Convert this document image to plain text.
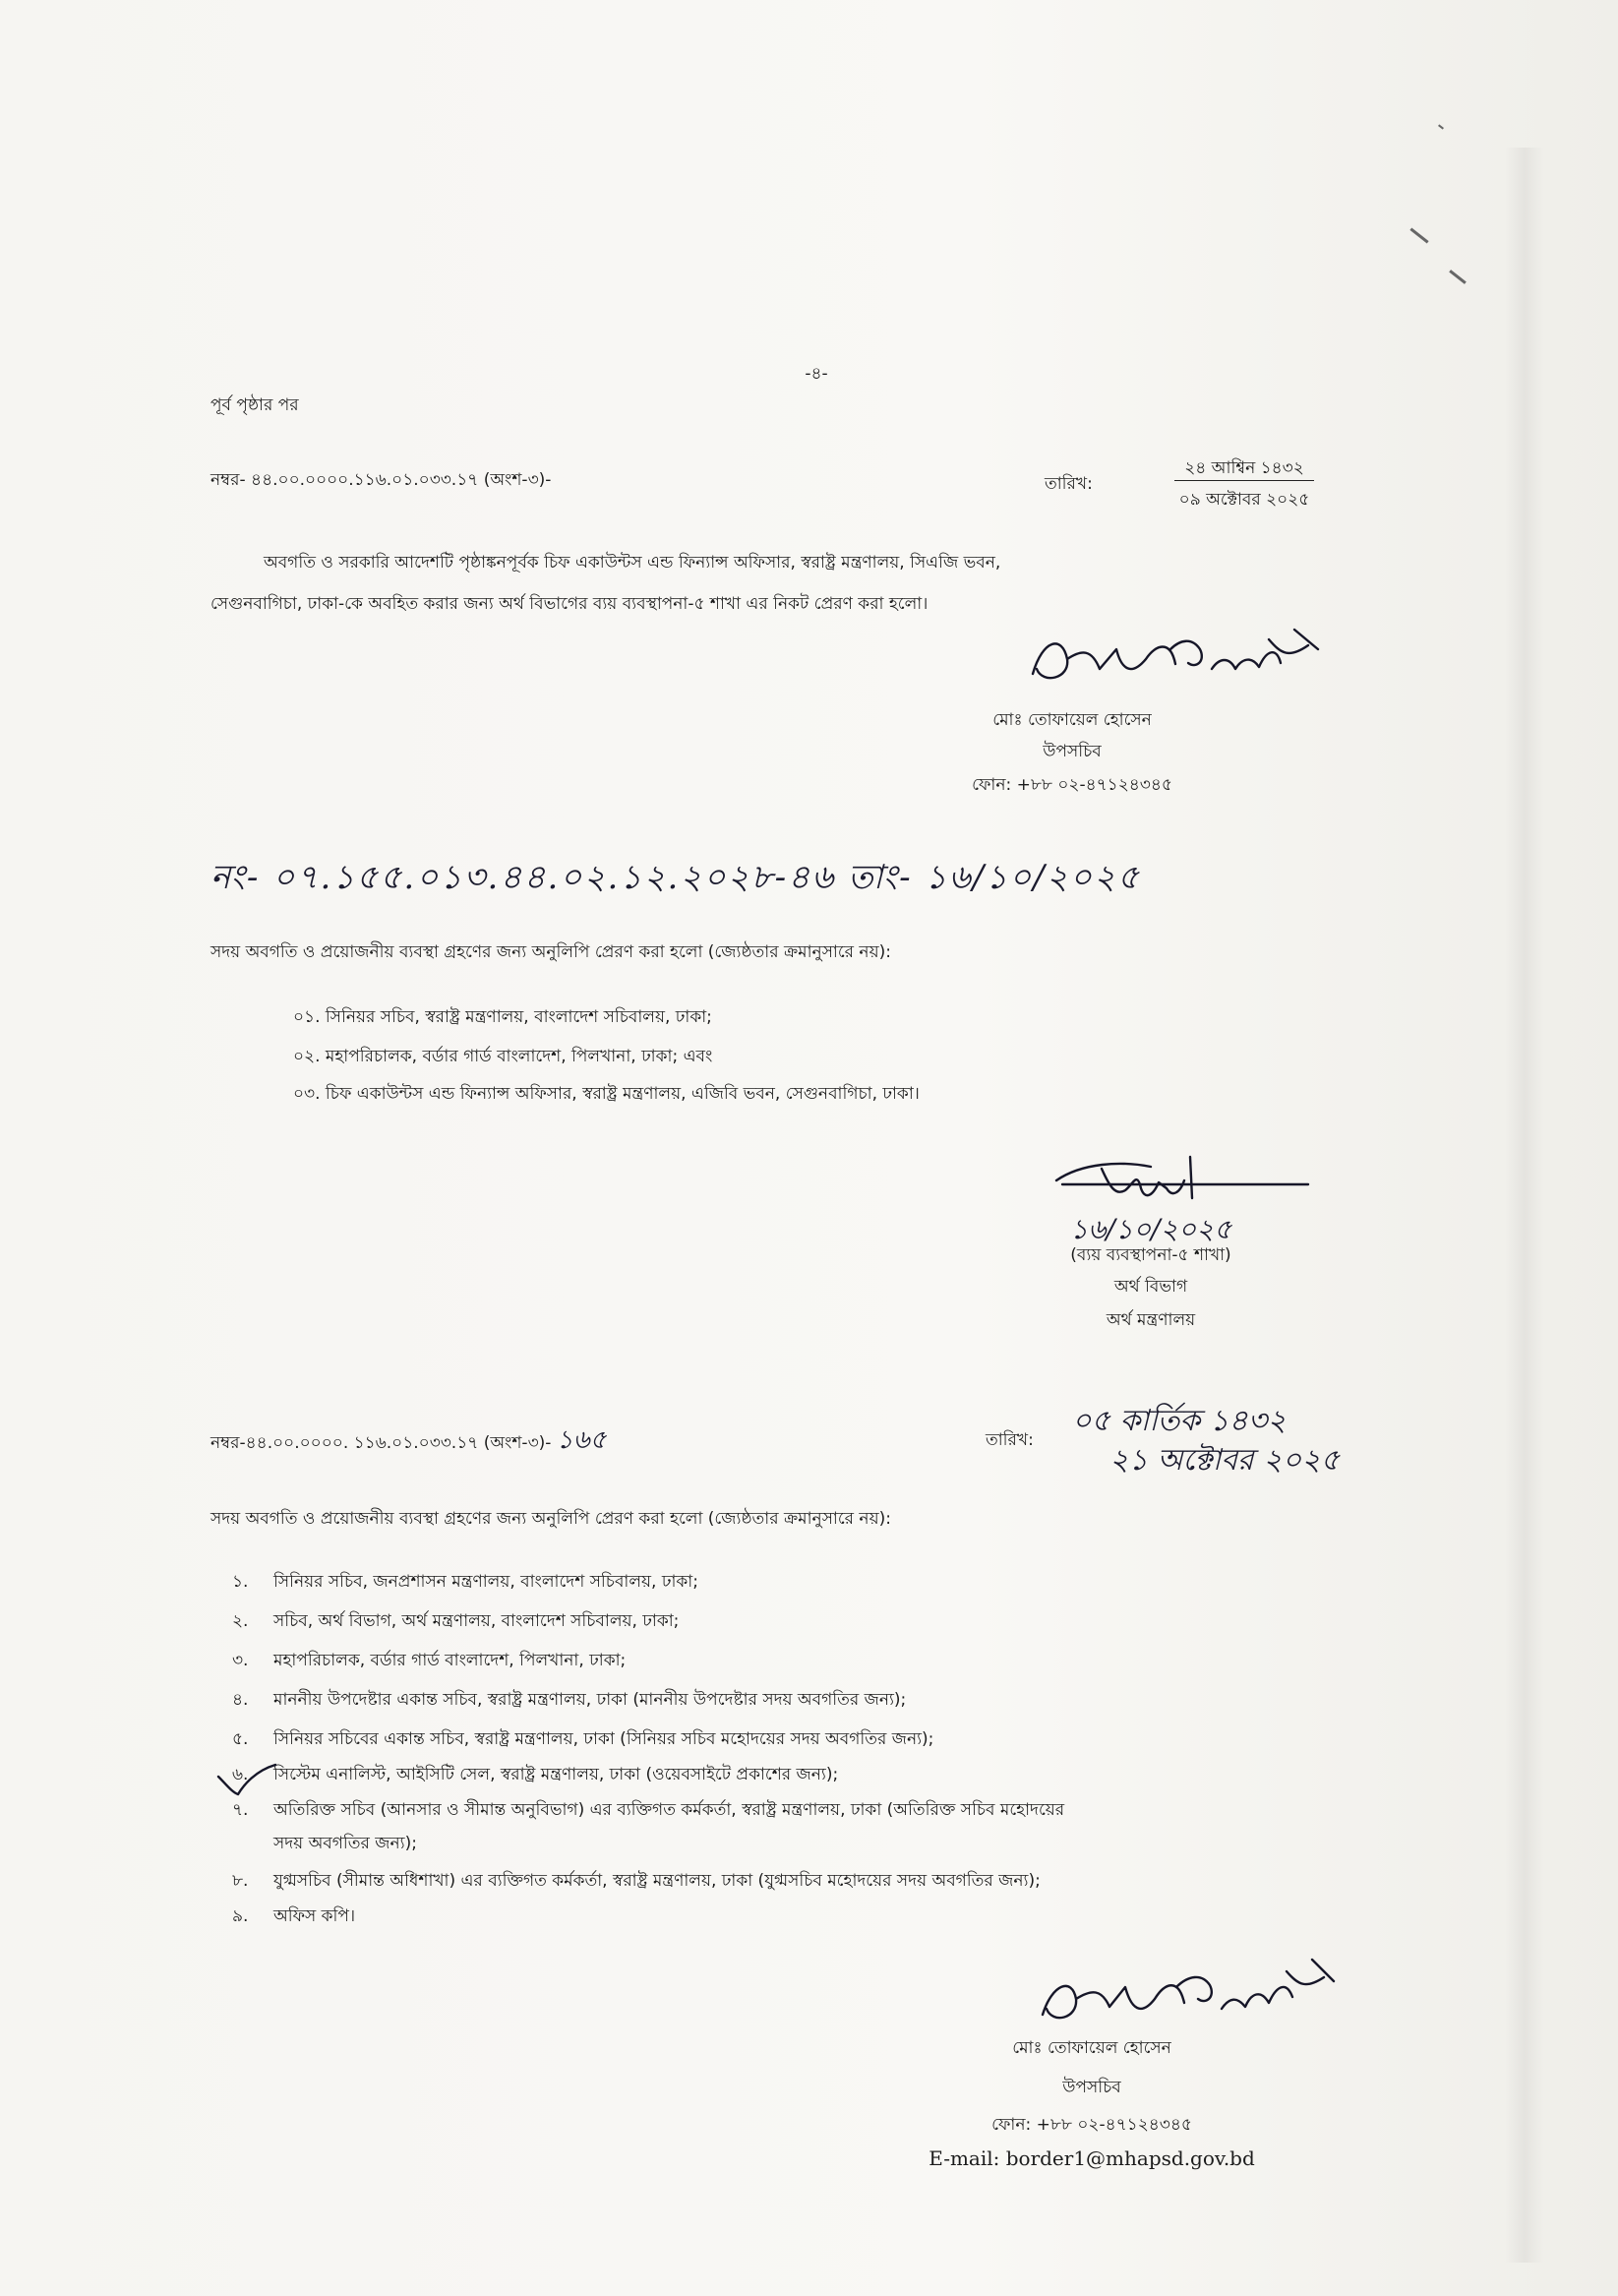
-৪-
পূর্ব পৃষ্ঠার পর
নম্বর- ৪৪.০০.০০০০.১১৬.০১.০৩৩.১৭ (অংশ-৩)-	তারিখ:
২৪ আশ্বিন ১৪৩২
০৯ অক্টোবর ২০২৫
অবগতি ও সরকারি আদেশটি পৃষ্ঠাঙ্কনপূর্বক চিফ একাউন্টস এন্ড ফিন্যান্স অফিসার, স্বরাষ্ট্র মন্ত্রণালয়, সিএজি ভবন,
সেগুনবাগিচা, ঢাকা-কে অবহিত করার জন্য অর্থ বিভাগের ব্যয় ব্যবস্থাপনা-৫ শাখা এর নিকট প্রেরণ করা হলো।
মোঃ তোফায়েল হোসেন
উপসচিব
ফোন: +৮৮ ০২-৪৭১২৪৩৪৫
নং- ০৭.১৫৫.০১৩.৪৪.০২.১২.২০২৮-৪৬ তাং- ১৬/১০/২০২৫
সদয় অবগতি ও প্রয়োজনীয় ব্যবস্থা গ্রহণের জন্য অনুলিপি প্রেরণ করা হলো (জ্যেষ্ঠতার ক্রমানুসারে নয়):
০১. সিনিয়র সচিব, স্বরাষ্ট্র মন্ত্রণালয়, বাংলাদেশ সচিবালয়, ঢাকা;
০২. মহাপরিচালক, বর্ডার গার্ড বাংলাদেশ, পিলখানা, ঢাকা; এবং
০৩. চিফ একাউন্টস এন্ড ফিন্যান্স অফিসার, স্বরাষ্ট্র মন্ত্রণালয়, এজিবি ভবন, সেগুনবাগিচা, ঢাকা।
১৬/১০/২০২৫
(ব্যয় ব্যবস্থাপনা-৫ শাখা)
অর্থ বিভাগ
অর্থ মন্ত্রণালয়
নম্বর-৪৪.০০.০০০০. ১১৬.০১.০৩৩.১৭ (অংশ-৩)- ১৬৫	তারিখ:
০৫ কার্তিক ১৪৩২
২১ অক্টোবর ২০২৫
সদয় অবগতি ও প্রয়োজনীয় ব্যবস্থা গ্রহণের জন্য অনুলিপি প্রেরণ করা হলো (জ্যেষ্ঠতার ক্রমানুসারে নয়):
১. সিনিয়র সচিব, জনপ্রশাসন মন্ত্রণালয়, বাংলাদেশ সচিবালয়, ঢাকা;
২. সচিব, অর্থ বিভাগ, অর্থ মন্ত্রণালয়, বাংলাদেশ সচিবালয়, ঢাকা;
৩. মহাপরিচালক, বর্ডার গার্ড বাংলাদেশ, পিলখানা, ঢাকা;
৪. মাননীয় উপদেষ্টার একান্ত সচিব, স্বরাষ্ট্র মন্ত্রণালয়, ঢাকা (মাননীয় উপদেষ্টার সদয় অবগতির জন্য);
৫. সিনিয়র সচিবের একান্ত সচিব, স্বরাষ্ট্র মন্ত্রণালয়, ঢাকা (সিনিয়র সচিব মহোদয়ের সদয় অবগতির জন্য);
৬. সিস্টেম এনালিস্ট, আইসিটি সেল, স্বরাষ্ট্র মন্ত্রণালয়, ঢাকা (ওয়েবসাইটে প্রকাশের জন্য);
৭. অতিরিক্ত সচিব (আনসার ও সীমান্ত অনুবিভাগ) এর ব্যক্তিগত কর্মকর্তা, স্বরাষ্ট্র মন্ত্রণালয়, ঢাকা (অতিরিক্ত সচিব মহোদয়ের
সদয় অবগতির জন্য);
৮. যুগ্মসচিব (সীমান্ত অধিশাখা) এর ব্যক্তিগত কর্মকর্তা, স্বরাষ্ট্র মন্ত্রণালয়, ঢাকা (যুগ্মসচিব মহোদয়ের সদয় অবগতির জন্য);
৯. অফিস কপি।
মোঃ তোফায়েল হোসেন
উপসচিব
ফোন: +৮৮ ০২-৪৭১২৪৩৪৫
E-mail: border1@mhapsd.gov.bd
